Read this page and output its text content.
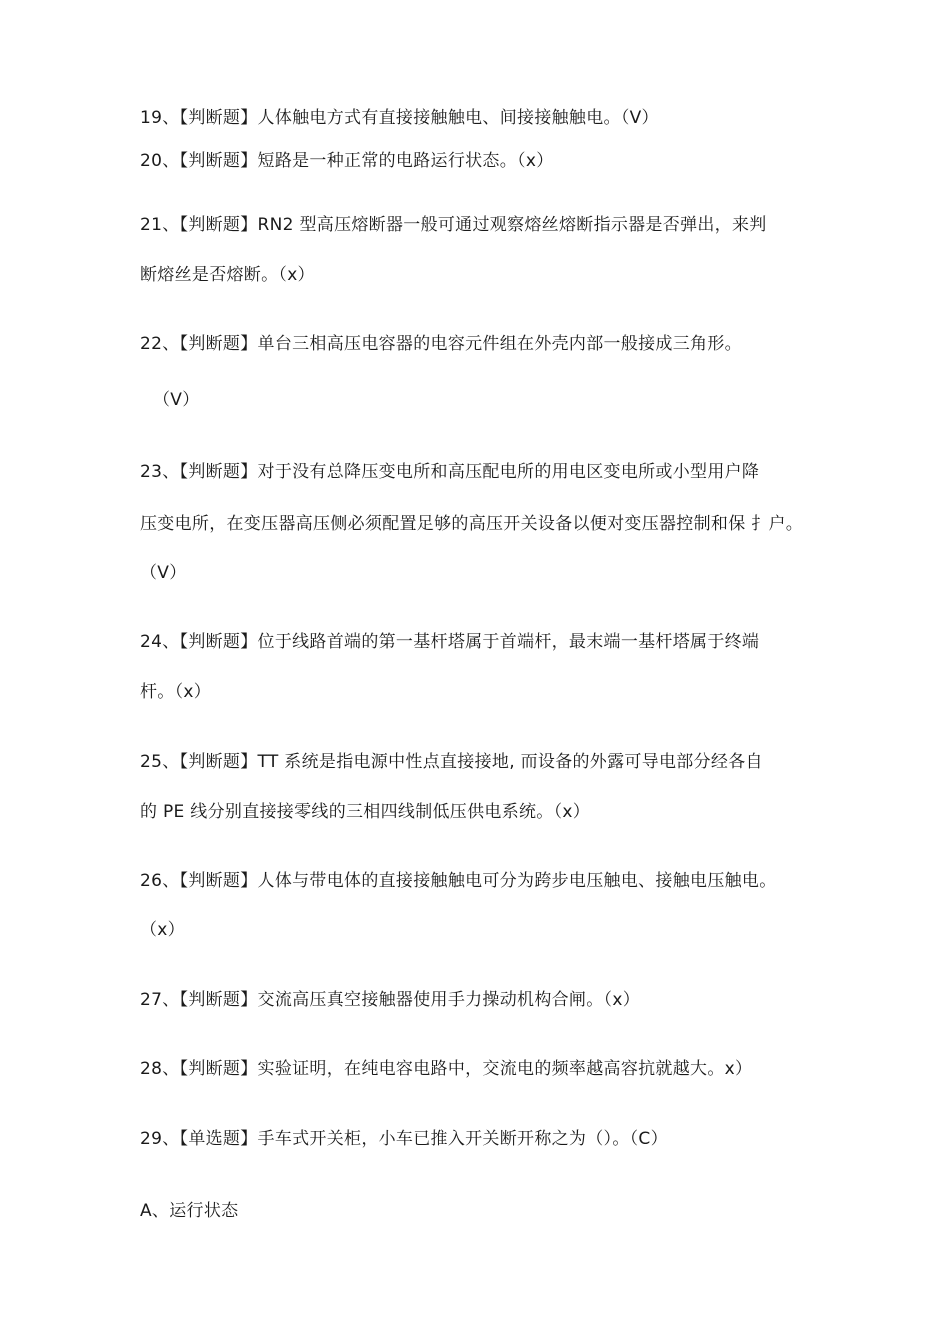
19、【判断题】人体触电方式有直接接触触电、间接接触触电。（V）
20、【判断题】短路是一种正常的电路运行状态。（x）
21、【判断题】RN2 型高压熔断器一般可通过观察熔丝熔断指示器是否弹出，来判
断熔丝是否熔断。（x）
22、【判断题】单台三相高压电容器的电容元件组在外壳内部一般接成三角形。
（V）
23、【判断题】对于没有总降压变电所和高压配电所的用电区变电所或小型用户降
压变电所，在变压器高压侧必须配置足够的高压开关设备以便对变压器控制和保 扌户。
（V）
24、【判断题】位于线路首端的第一基杆塔属于首端杆，最末端一基杆塔属于终端
杆。（x）
25、【判断题】TT 系统是指电源中性点直接接地, 而设备的外露可导电部分经各自
的 PE 线分别直接接零线的三相四线制低压供电系统。（x）
26、【判断题】人体与带电体的直接接触触电可分为跨步电压触电、接触电压触电。
（x）
27、【判断题】交流高压真空接触器使用手力操动机构合闸。（x）
28、【判断题】实验证明，在纯电容电路中，交流电的频率越高容抗就越大。x）
29、【单选题】手车式开关柜，小车已推入开关断开称之为（）。（C）
A、运行状态
